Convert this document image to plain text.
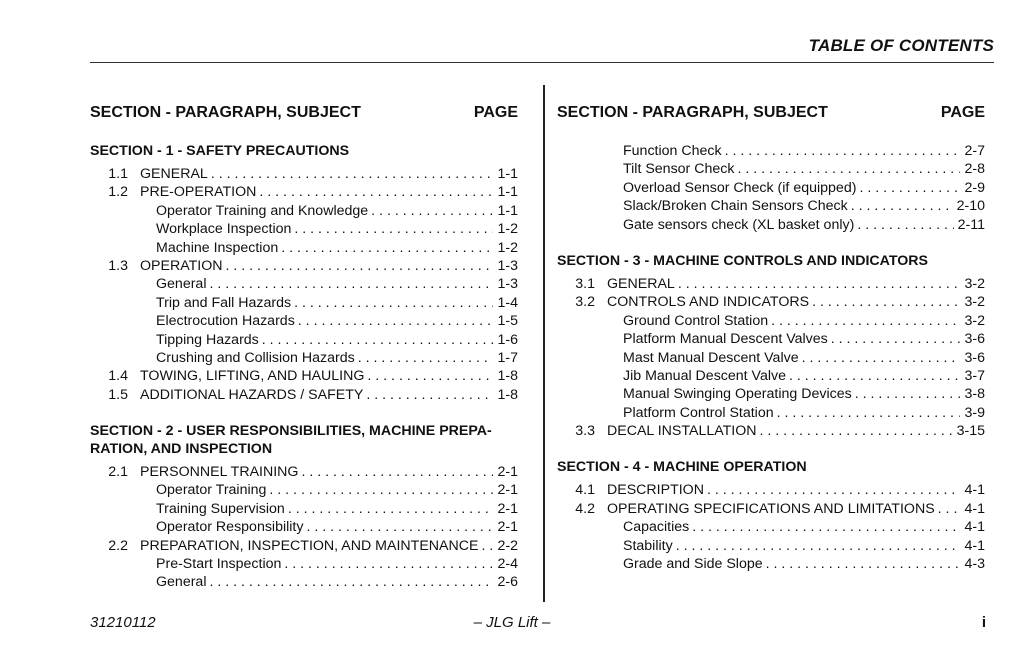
TABLE OF CONTENTS
SECTION - PARAGRAPH, SUBJECT	PAGE
SECTION - 1 - SAFETY PRECAUTIONS
1.1 GENERAL . . .	1-1
1.2 PRE-OPERATION . . .	1-1
Operator Training and Knowledge . . .	1-1
Workplace Inspection . . .	1-2
Machine Inspection . . .	1-2
1.3 OPERATION . . .	1-3
General . . .	1-3
Trip and Fall Hazards . . .	1-4
Electrocution Hazards . . .	1-5
Tipping Hazards . . .	1-6
Crushing and Collision Hazards . . .	1-7
1.4 TOWING, LIFTING, AND HAULING . . .	1-8
1.5 ADDITIONAL HAZARDS / SAFETY . . .	1-8
SECTION - 2 - USER RESPONSIBILITIES, MACHINE PREPA-
RATION, AND INSPECTION
2.1 PERSONNEL TRAINING . . .	2-1
Operator Training . . .	2-1
Training Supervision . . .	2-1
Operator Responsibility . . .	2-1
2.2 PREPARATION, INSPECTION, AND MAINTENANCE . . . 2-2
Pre-Start Inspection . . .	2-4
General . . .	2-6
SECTION - PARAGRAPH, SUBJECT	PAGE
Function Check . . .	2-7
Tilt Sensor Check . . .	2-8
Overload Sensor Check (if equipped) . . .	2-9
Slack/Broken Chain Sensors Check . . .	2-10
Gate sensors check (XL basket only) . . .	2-11
SECTION - 3 - MACHINE CONTROLS AND INDICATORS
3.1 GENERAL . . .	3-2
3.2 CONTROLS AND INDICATORS . . .	3-2
Ground Control Station . . .	3-2
Platform Manual Descent Valves . . .	3-6
Mast Manual Descent Valve . . .	3-6
Jib Manual Descent Valve . . .	3-7
Manual Swinging Operating Devices . . .	3-8
Platform Control Station . . .	3-9
3.3 DECAL INSTALLATION . . .	3-15
SECTION - 4 - MACHINE OPERATION
4.1 DESCRIPTION . . .	4-1
4.2 OPERATING SPECIFICATIONS AND LIMITATIONS . . . 4-1
Capacities . . .	4-1
Stability . . .	4-1
Grade and Side Slope . . .	4-3
31210112	– JLG Lift –	i
